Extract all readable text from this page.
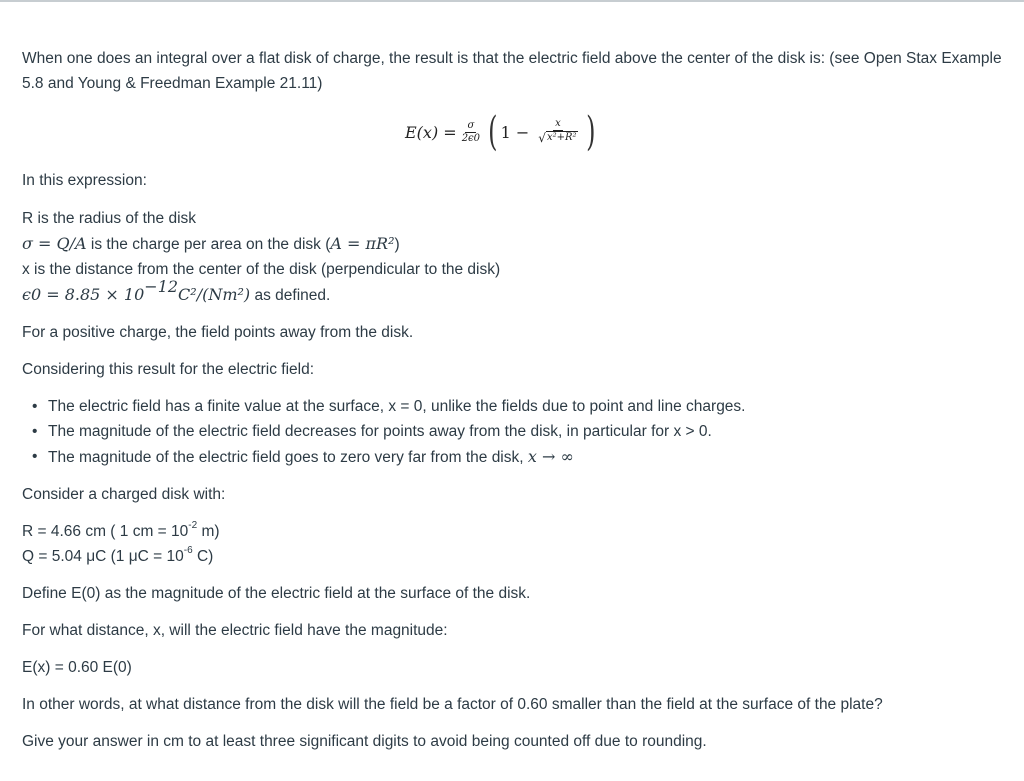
When one does an integral over a flat disk of charge, the result is that the electric field above the center of the disk is: (see Open Stax Example 5.8 and Young & Freedman Example 21.11)

$E(x) = \frac{\sigma}{2\epsilon 0}$ ( $1 - \frac{x}{\text{√ x²+R²}}$ )

In this expression:

R is the radius of the disk

σ = Q/A is the charge per area on the disk (A = πR²)

x is the distance from the center of the disk (perpendicular to the disk)

$\epsilon 0 = 8.85 \times 10^{-12}C^2/(Nm^2)$ as defined.

For a positive charge, the field points away from the disk.

Considering this result for the electric field:

• The electric field has a finite value at the surface, x = 0, unlike the fields due to point and line charges.
• The magnitude of the electric field decreases for points away from the disk, in particular for x > 0.
• The magnitude of the electric field goes to zero very far from the disk, x → ∞

Consider a charged disk with:

R = 4.66 cm ( 1 cm = $10^{-2}$ m)

Q = 5.04 μC (1 $\mu C = 10^{-6}$ C)

Define E(0) as the magnitude of the electric field at the surface of the disk.

For what distance, x, will the electric field have the magnitude:

E(x) = 0.60 E(0)

In other words, at what distance from the disk will the field be a factor of 0.60 smaller than the field at the surface of the plate?

Give your answer in cm to at least three significant digits to avoid being counted off due to rounding.
